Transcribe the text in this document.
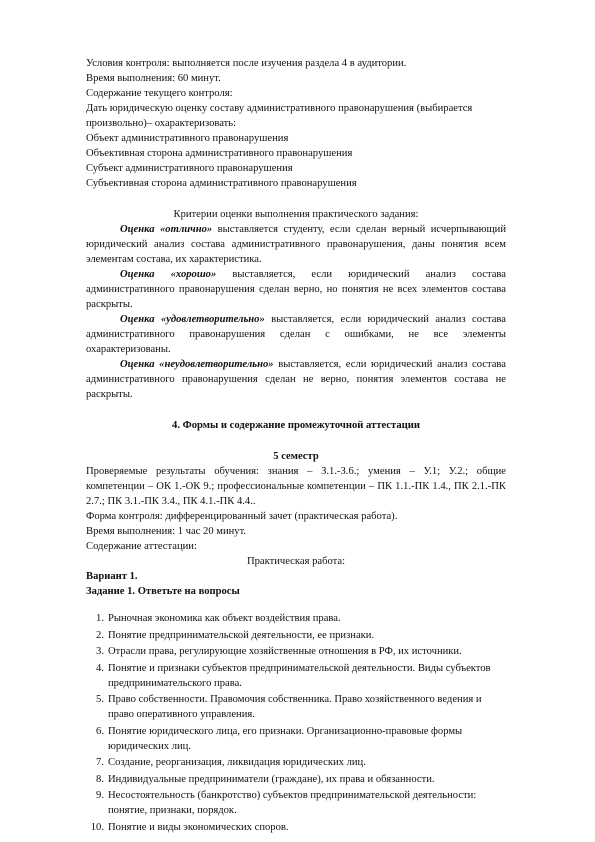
Условия контроля: выполняется после изучения раздела 4 в аудитории.
Время выполнения: 60 минут.
Содержание текущего контроля:
Дать юридическую оценку составу административного правонарушения (выбирается произвольно)– охарактеризовать:
Объект административного правонарушения
Объективная сторона административного правонарушения
Субъект административного правонарушения
Субъективная сторона административного правонарушения
Критерии оценки выполнения практического задания:
Оценка «отлично» выставляется студенту, если сделан верный исчерпывающий юридический анализ состава административного правонарушения, даны понятия всем элементам состава, их характеристика.
Оценка «хорошо» выставляется, если юридический анализ состава административного правонарушения сделан верно, но понятия не всех элементов состава раскрыты.
Оценка «удовлетворительно» выставляется, если юридический анализ состава административного правонарушения сделан с ошибками, не все элементы охарактеризованы.
Оценка «неудовлетворительно» выставляется, если юридический анализ состава административного правонарушения сделан не верно, понятия элементов состава не раскрыты.
4. Формы и содержание промежуточной аттестации
5 семестр
Проверяемые результаты обучения: знания – З.1.-З.6.; умения – У.1; У.2.; общие компетенции – ОК 1.-ОК 9.; профессиональные компетенции – ПК 1.1.-ПК 1.4., ПК 2.1.-ПК 2.7.; ПК 3.1.-ПК 3.4., ПК 4.1.-ПК 4.4..
Форма контроля: дифференцированный зачет (практическая работа).
Время выполнения: 1 час 20 минут.
Содержание аттестации:
Практическая работа:
Вариант 1.
Задание 1. Ответьте на вопросы
1. Рыночная экономика как объект воздействия права.
2. Понятие предпринимательской деятельности, ее признаки.
3. Отрасли права, регулирующие хозяйственные отношения в РФ, их источники.
4. Понятие и признаки субъектов предпринимательской деятельности. Виды субъектов предпринимательского права.
5. Право собственности. Правомочия собственника. Право хозяйственного ведения и право оперативного управления.
6. Понятие юридического лица, его признаки. Организационно-правовые формы юридических лиц.
7. Создание, реорганизация, ликвидация юридических лиц.
8. Индивидуальные предприниматели (граждане), их права и обязанности.
9. Несостоятельность (банкротство) субъектов предпринимательской деятельности: понятие, признаки, порядок.
10. Понятие и виды экономических споров.
